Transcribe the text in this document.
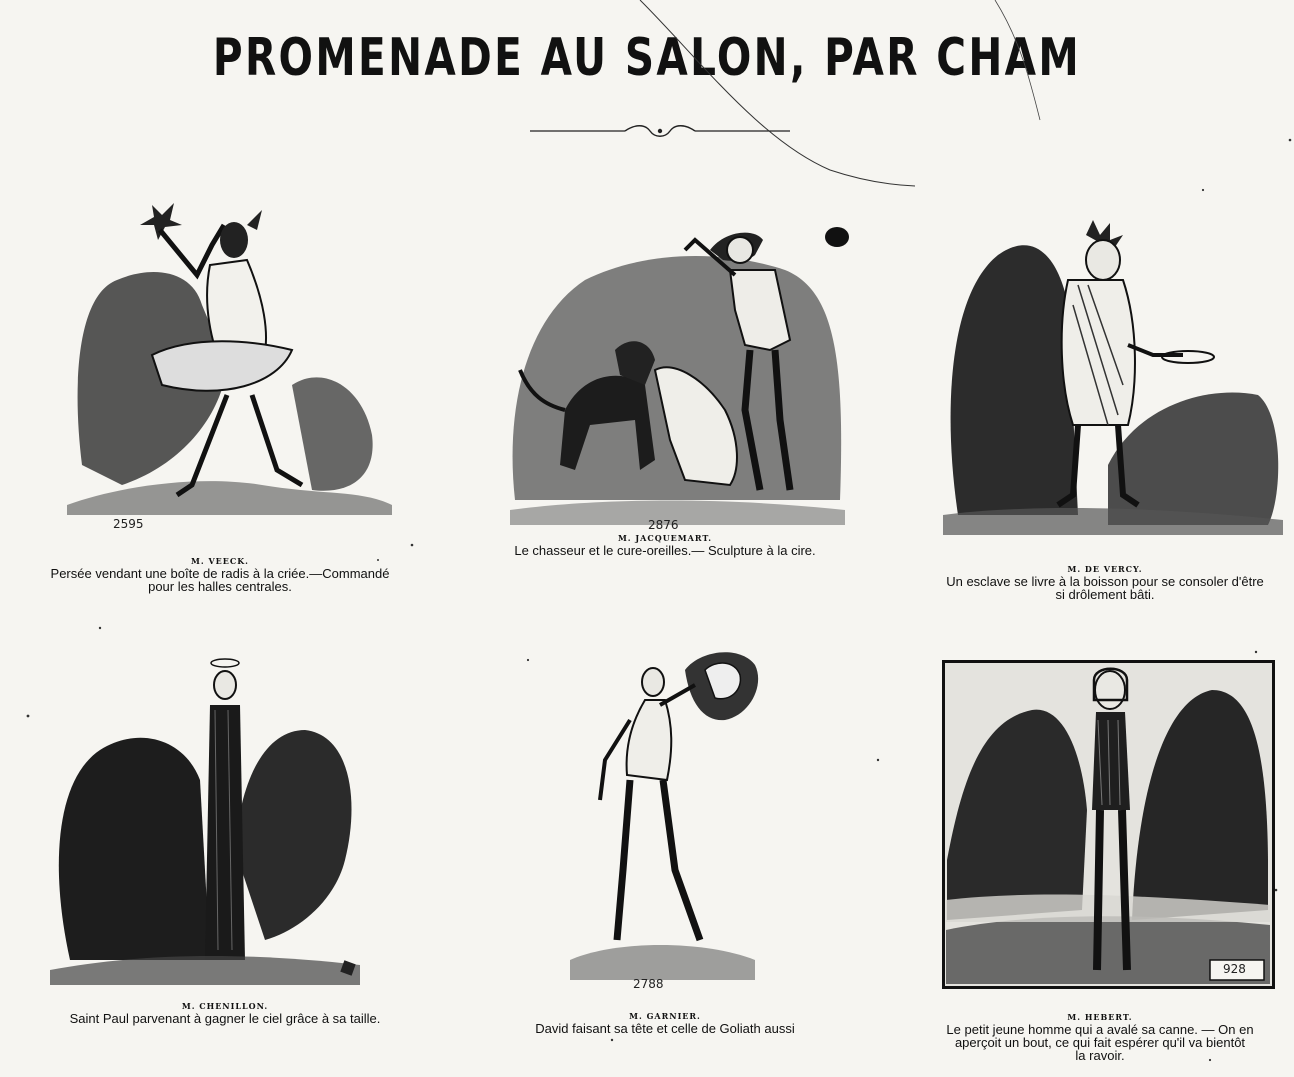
PROMENADE AU SALON, PAR CHAM
2595
M. VEECK.
Persée vendant une boîte de radis à la criée.—Commandé
pour les halles centrales.
2876
M. JACQUEMART.
Le chasseur et le cure-oreilles.— Sculpture à la cire.
M. DE VERCY.
Un esclave se livre à la boisson pour se consoler d'être
si drôlement bâti.
M. CHENILLON.
Saint Paul parvenant à gagner le ciel grâce à sa taille.
2788
M. GARNIER.
David faisant sa tête et celle de Goliath aussi
928
M. HEBERT.
Le petit jeune homme qui a avalé sa canne. — On en
aperçoit un bout, ce qui fait espérer qu'il va bientôt
la ravoir.
